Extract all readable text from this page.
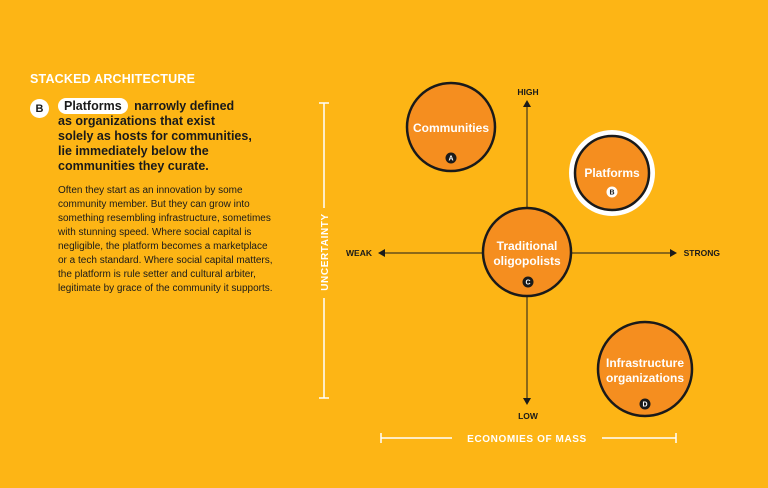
STACKED ARCHITECTURE
B	Platforms narrowly defined
as organizations that exist
solely as hosts for communities,
lie immediately below the
communities they curate.

Often they start as an innovation by some
community member. But they can grow into
something resembling infrastructure, sometimes
with stunning speed. Where social capital is
negligible, the platform becomes a marketplace
or a tech standard. Where social capital matters,
the platform is rule setter and cultural arbiter,
legitimate by grace of the community it supports.	UNCERTAINTY
ECONOMIES OF MASS
WEAK	STRONG
HIGH
LOW
Communities
A
Platforms
B
Traditional
oligopolists
C
Infrastructure
organizations
D
